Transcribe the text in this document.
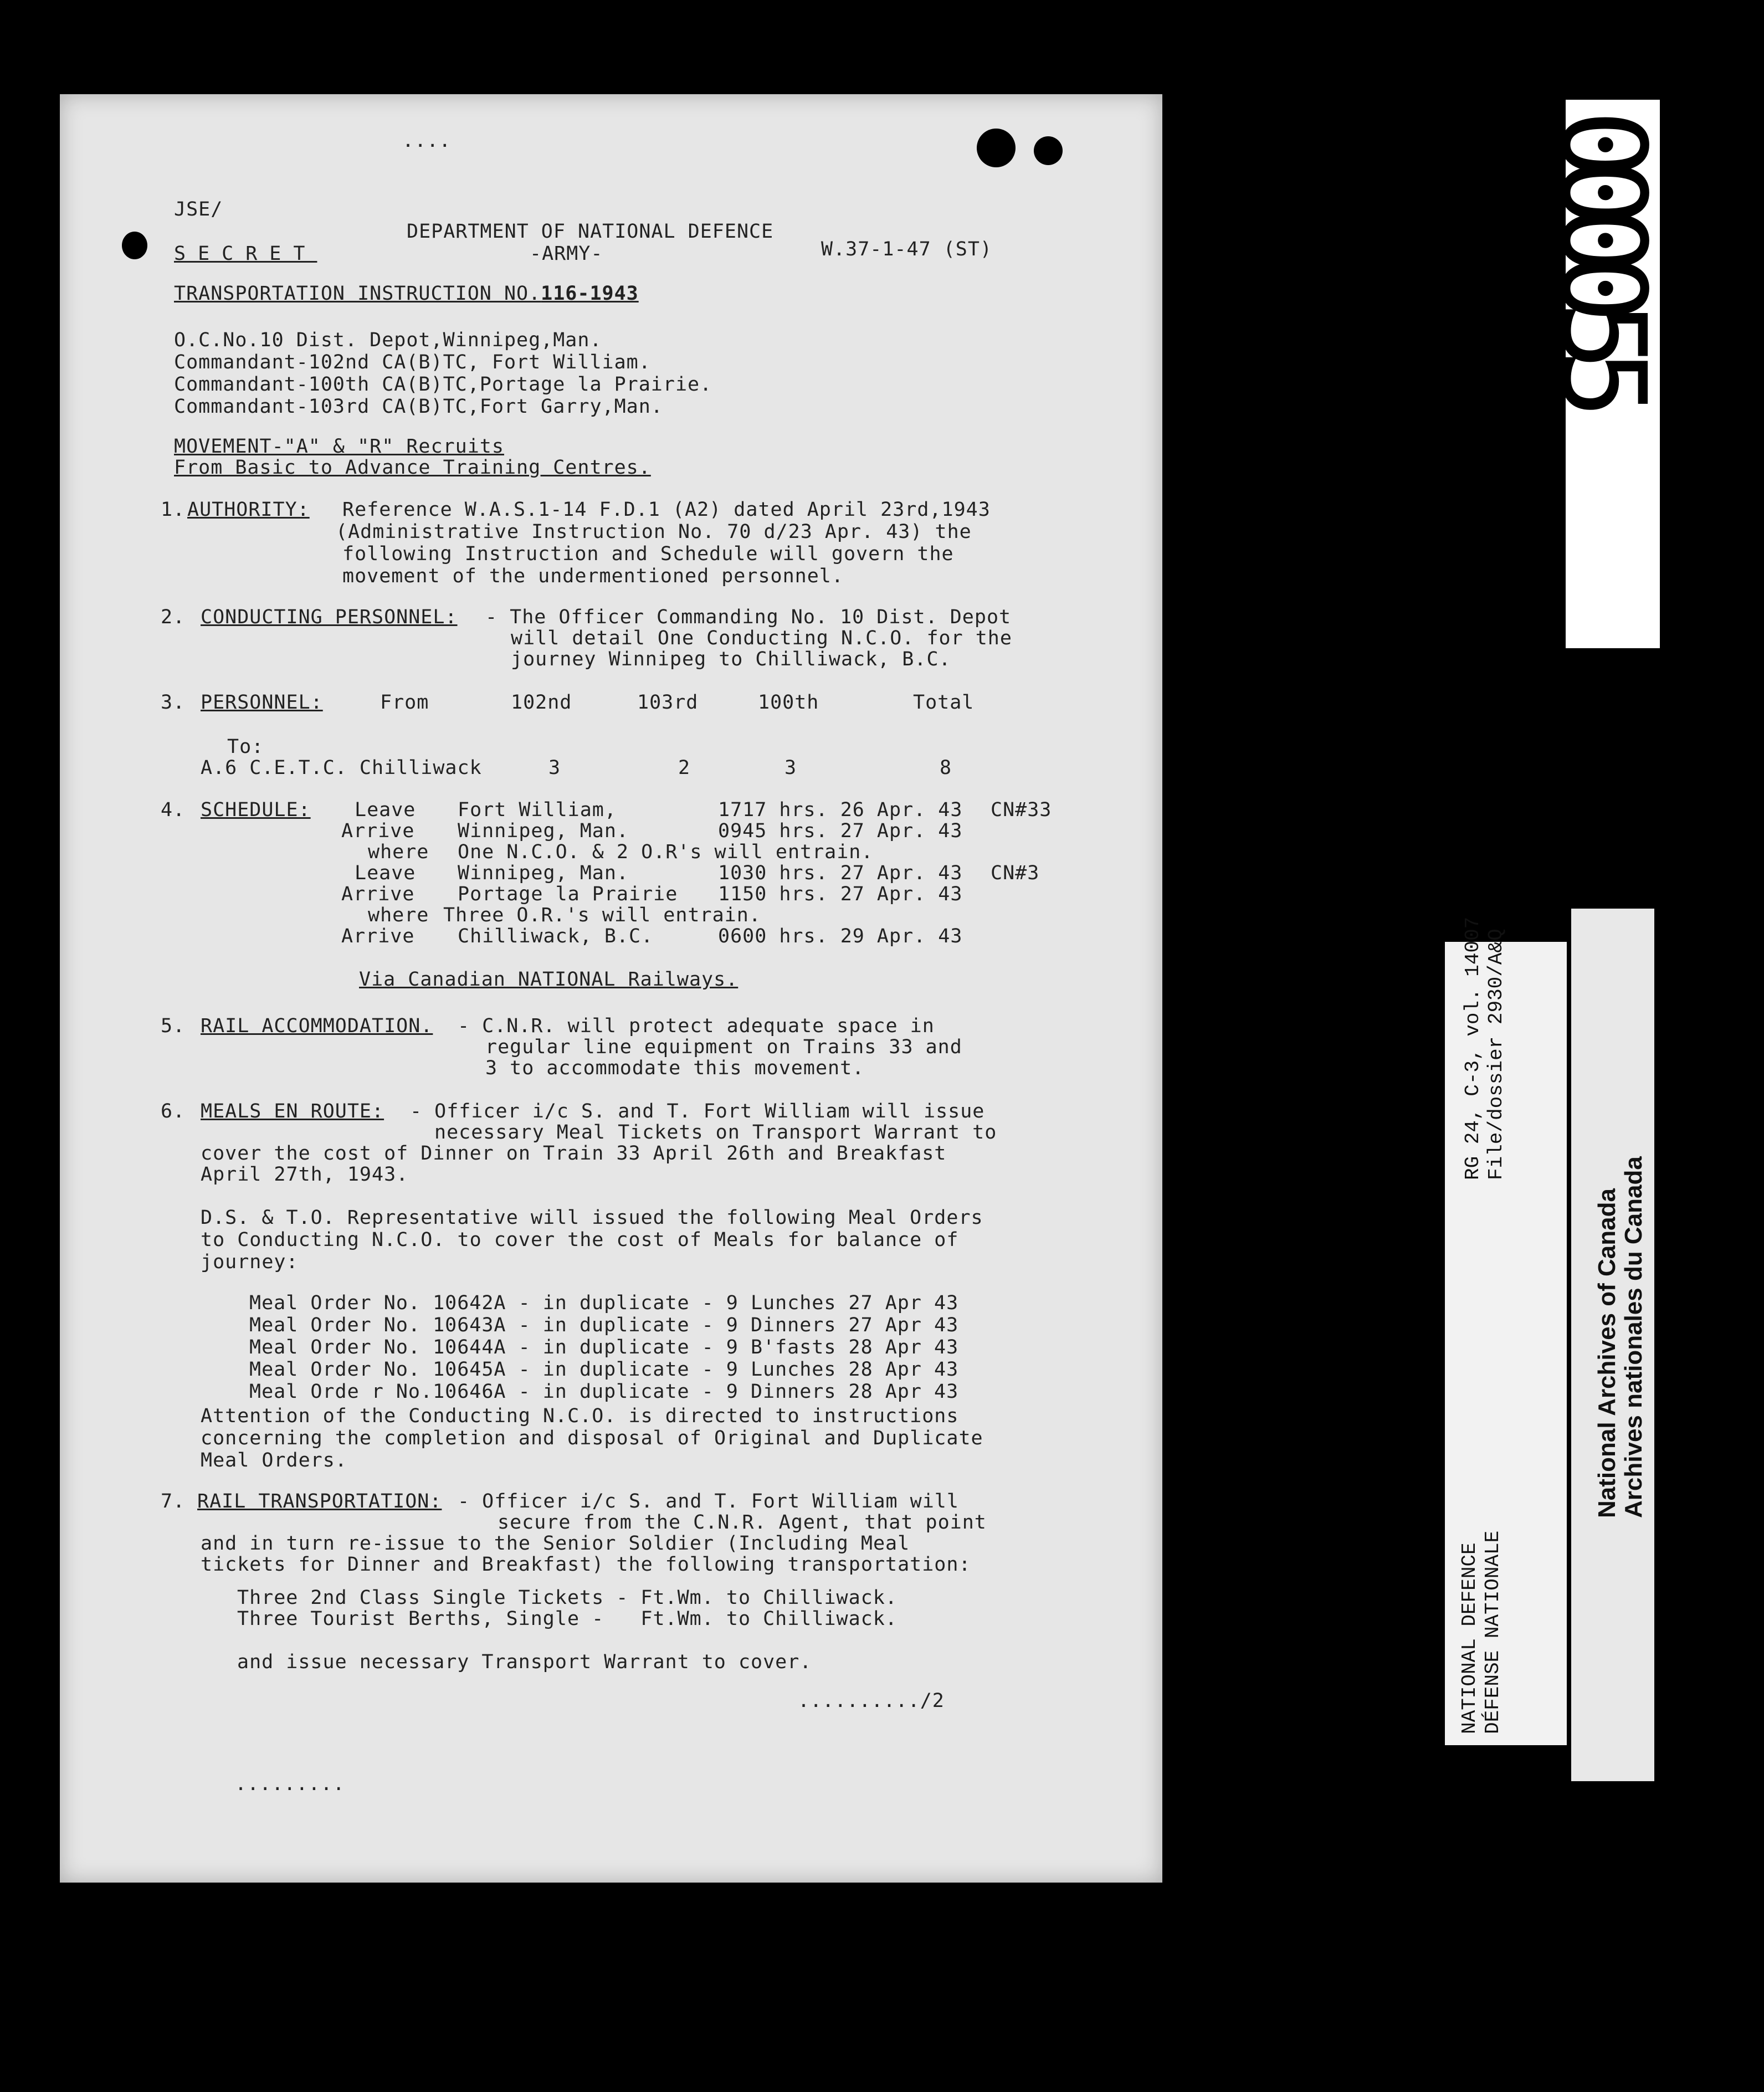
....
JSE/
DEPARTMENT OF NATIONAL DEFENCE
SECRET	-ARMY-	W.37-1-47 (ST)
TRANSPORTATION INSTRUCTION NO.116-1943
O.C.No.10 Dist. Depot,Winnipeg,Man.
Commandant-102nd CA(B)TC, Fort William.
Commandant-100th CA(B)TC,Portage la Prairie.
Commandant-103rd CA(B)TC,Fort Garry,Man.
MOVEMENT-"A" & "R" Recruits
From Basic to Advance Training Centres.
1. AUTHORITY: Reference W.A.S.1-14 F.D.1 (A2) dated April 23rd,1943
(Administrative Instruction No. 70 d/23 Apr. 43) the
following Instruction and Schedule will govern the
movement of the undermentioned personnel.
2. CONDUCTING PERSONNEL: - The Officer Commanding No. 10 Dist. Depot
will detail One Conducting N.C.O. for the
journey Winnipeg to Chilliwack, B.C.
3. PERSONNEL:	From	102nd	103rd	100th	Total
To:
A.6 C.E.T.C. Chilliwack	3	2	3	8
4. SCHEDULE: Leave Fort William,	1717 hrs. 26 Apr. 43 CN#33
Arrive Winnipeg, Man.	0945 hrs. 27 Apr. 43
where One N.C.O. & 2 O.R's will entrain.
Leave Winnipeg, Man.	1030 hrs. 27 Apr. 43 CN#3
Arrive Portage la Prairie 1150 hrs. 27 Apr. 43
where Three O.R.'s will entrain.
Arrive Chilliwack, B.C.	0600 hrs. 29 Apr. 43
Via Canadian NATIONAL Railways.
5. RAIL ACCOMMODATION. - C.N.R. will protect adequate space in
regular line equipment on Trains 33 and
3 to accommodate this movement.
6. MEALS EN ROUTE: - Officer i/c S. and T. Fort William will issue
necessary Meal Tickets on Transport Warrant to
cover the cost of Dinner on Train 33 April 26th and Breakfast
April 27th, 1943.
D.S. & T.O. Representative will issued the following Meal Orders
to Conducting N.C.O. to cover the cost of Meals for balance of
journey:
Meal Order No. 10642A - in duplicate - 9 Lunches 27 Apr 43
Meal Order No. 10643A - in duplicate - 9 Dinners 27 Apr 43
Meal Order No. 10644A - in duplicate - 9 B'fasts 28 Apr 43
Meal Order No. 10645A - in duplicate - 9 Lunches 28 Apr 43
Meal Orde r No.10646A - in duplicate - 9 Dinners 28 Apr 43
Attention of the Conducting N.C.O. is directed to instructions
concerning the completion and disposal of Original and Duplicate
Meal Orders.
7. RAIL TRANSPORTATION: - Officer i/c S. and T. Fort William will
secure from the C.N.R. Agent, that point
and in turn re-issue to the Senior Soldier (Including Meal
tickets for Dinner and Breakfast) the following transportation:
Three 2nd Class Single Tickets - Ft.Wm. to Chilliwack.
Three Tourist Berths, Single -   Ft.Wm. to Chilliwack.
and issue necessary Transport Warrant to cover.
........../2
.........
000055
RG 24, C-3, vol. 14007 File/dossier 2930/A&Q
NATIONAL DEFENCE DÉFENSE NATIONALE
National Archives of Canada Archives nationales du Canada
